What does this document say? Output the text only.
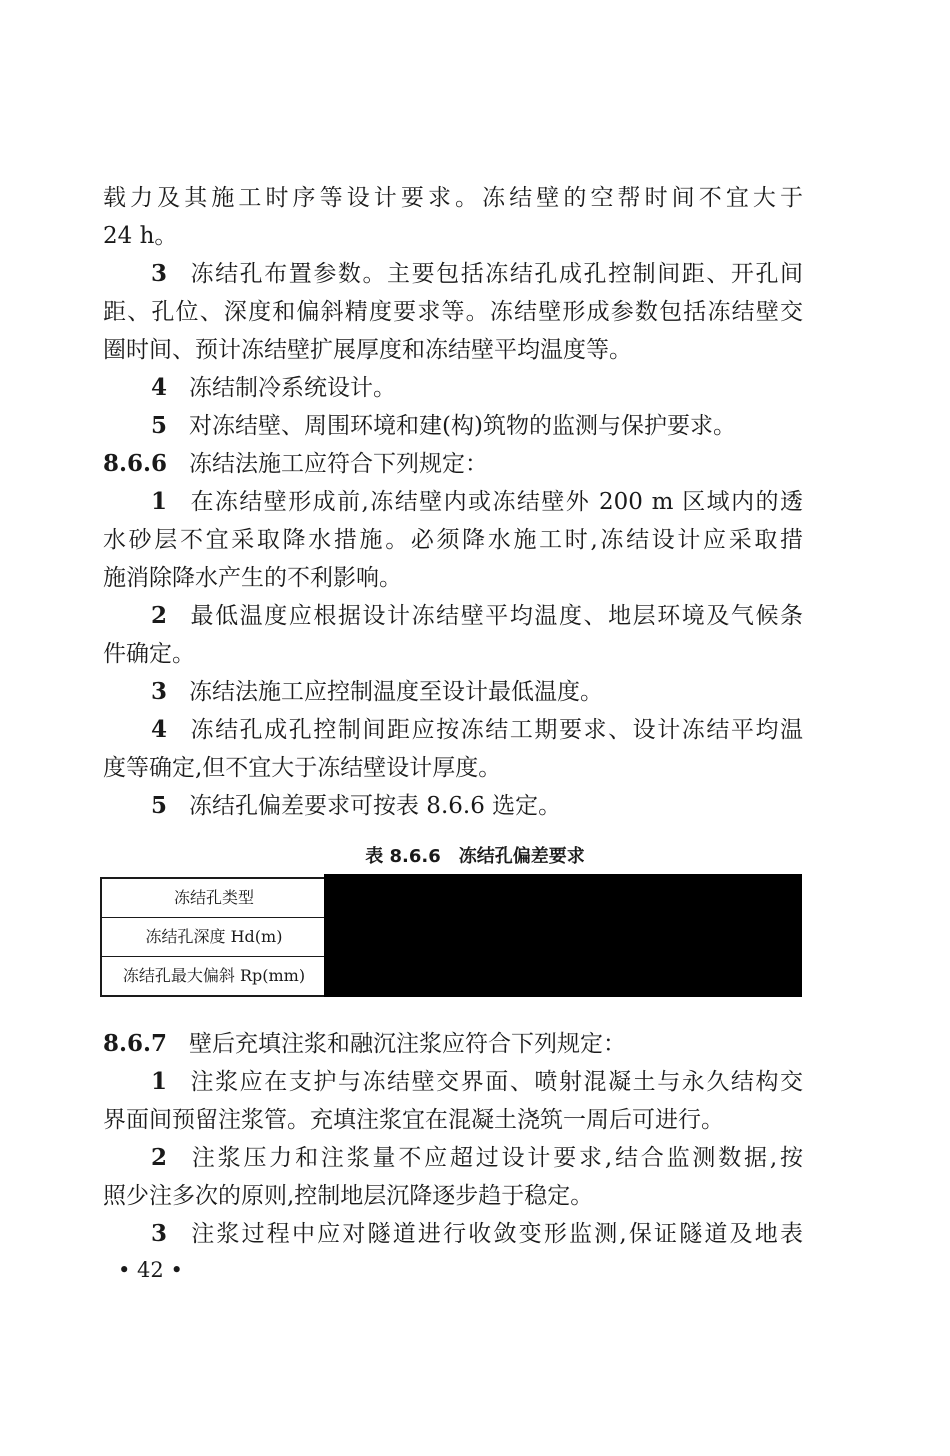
载力及其施工时序等设计要求。冻结壁的空帮时间不宜大于
24 h。
3 冻结孔布置参数。主要包括冻结孔成孔控制间距、开孔间
距、孔位、深度和偏斜精度要求等。冻结壁形成参数包括冻结壁交
圈时间、预计冻结壁扩展厚度和冻结壁平均温度等。
4 冻结制冷系统设计。
5 对冻结壁、周围环境和建(构)筑物的监测与保护要求。
8.6.6 冻结法施工应符合下列规定：
1 在冻结壁形成前,冻结壁内或冻结壁外 200 m 区域内的透
水砂层不宜采取降水措施。必须降水施工时,冻结设计应采取措
施消除降水产生的不利影响。
2 最低温度应根据设计冻结壁平均温度、地层环境及气候条
件确定。
3 冻结法施工应控制温度至设计最低温度。
4 冻结孔成孔控制间距应按冻结工期要求、设计冻结平均温
度等确定,但不宜大于冻结壁设计厚度。
5 冻结孔偏差要求可按表 8.6.6 选定。
表 8.6.6　冻结孔偏差要求
冻结孔类型
冻结孔深度 Hd(m)
冻结孔最大偏斜 Rp(mm)
8.6.7 壁后充填注浆和融沉注浆应符合下列规定：
1 注浆应在支护与冻结壁交界面、喷射混凝土与永久结构交
界面间预留注浆管。充填注浆宜在混凝土浇筑一周后可进行。
2 注浆压力和注浆量不应超过设计要求,结合监测数据,按
照少注多次的原则,控制地层沉降逐步趋于稳定。
3 注浆过程中应对隧道进行收敛变形监测,保证隧道及地表
• 42 •
